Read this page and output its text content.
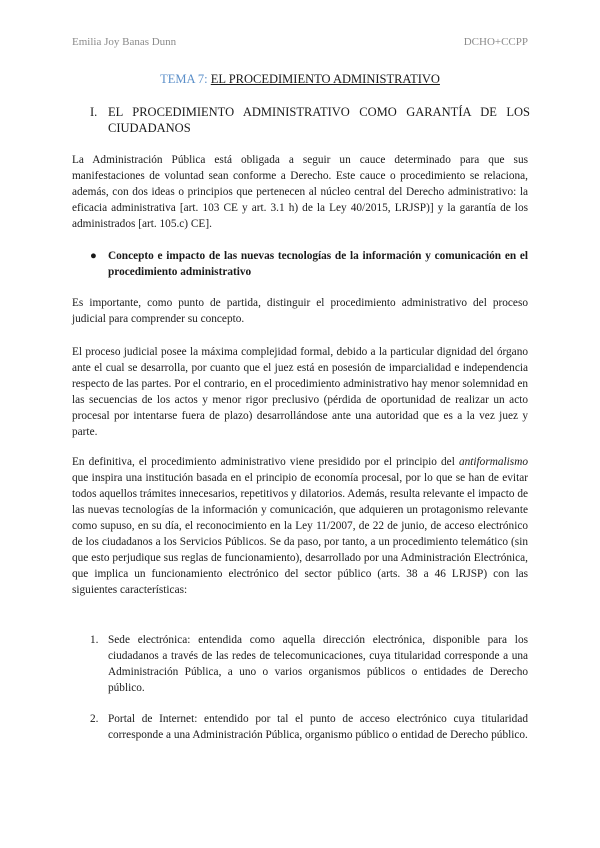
Emilia Joy Banas Dunn	DCHO+CCPP
TEMA 7: EL PROCEDIMIENTO ADMINISTRATIVO
I. EL PROCEDIMIENTO ADMINISTRATIVO COMO GARANTÍA DE LOS CIUDADANOS
La Administración Pública está obligada a seguir un cauce determinado para que sus manifestaciones de voluntad sean conforme a Derecho. Este cauce o procedimiento se relaciona, además, con dos ideas o principios que pertenecen al núcleo central del Derecho administrativo: la eficacia administrativa [art. 103 CE y art. 3.1 h) de la Ley 40/2015, LRJSP)] y la garantía de los administrados [art. 105.c) CE].
● Concepto e impacto de las nuevas tecnologías de la información y comunicación en el procedimiento administrativo
Es importante, como punto de partida, distinguir el procedimiento administrativo del proceso judicial para comprender su concepto.
El proceso judicial posee la máxima complejidad formal, debido a la particular dignidad del órgano ante el cual se desarrolla, por cuanto que el juez está en posesión de imparcialidad e independencia respecto de las partes. Por el contrario, en el procedimiento administrativo hay menor solemnidad en las secuencias de los actos y menor rigor preclusivo (pérdida de oportunidad de realizar un acto procesal por intentarse fuera de plazo) desarrollándose ante una autoridad que es a la vez juez y parte.
En definitiva, el procedimiento administrativo viene presidido por el principio del antiformalismo que inspira una institución basada en el principio de economía procesal, por lo que se han de evitar todos aquellos trámites innecesarios, repetitivos y dilatorios. Además, resulta relevante el impacto de las nuevas tecnologías de la información y comunicación, que adquieren un protagonismo relevante como supuso, en su día, el reconocimiento en la Ley 11/2007, de 22 de junio, de acceso electrónico de los ciudadanos a los Servicios Públicos. Se da paso, por tanto, a un procedimiento telemático (sin que esto perjudique sus reglas de funcionamiento), desarrollado por una Administración Electrónica, que implica un funcionamiento electrónico del sector público (arts. 38 a 46 LRJSP) con las siguientes características:
1. Sede electrónica: entendida como aquella dirección electrónica, disponible para los ciudadanos a través de las redes de telecomunicaciones, cuya titularidad corresponde a una Administración Pública, a uno o varios organismos públicos o entidades de Derecho público.
2. Portal de Internet: entendido por tal el punto de acceso electrónico cuya titularidad corresponde a una Administración Pública, organismo público o entidad de Derecho público.
